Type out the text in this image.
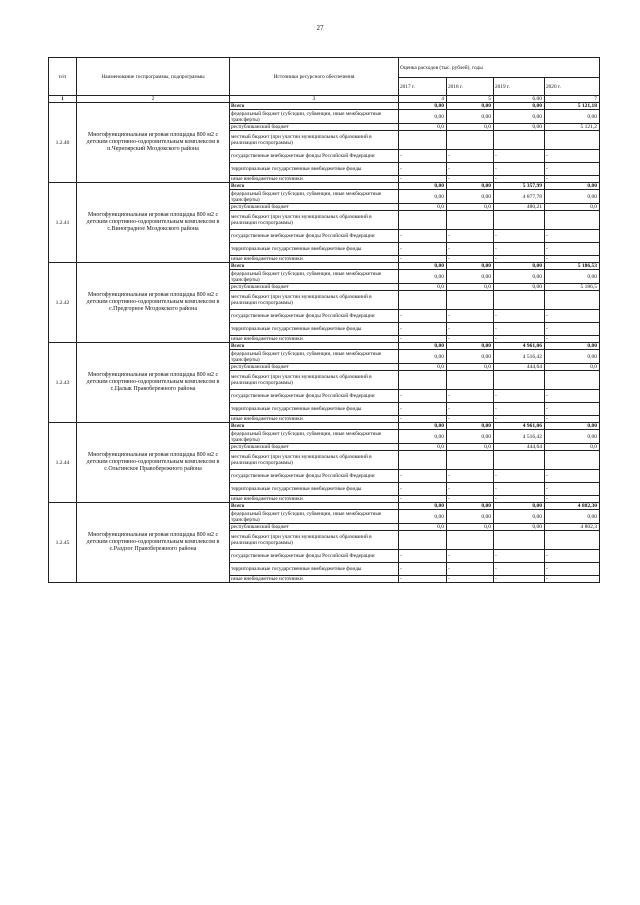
27
п/п	Наименование госпрограммы, подпрограммы	Источники ресурсного обеспечения	Оценка расходов (тыс. рублей), годы			
			2017 г.	2018 г.	2019 г.	2020 г.
1	2	3	4	5	6.00	7
1.2.40	Многофункциональная игровая площадка 800 м2 с детским спортивно-оздоровительным комплексом в п.Черноярский Моздокского района	Всего	0,00	0,00	0,00	5 121,18
		федеральный бюджет (субсидии, субвенции, иные межбюджетные трансферты)	0,00	0,00	0,00	0,00
		республиканский бюджет	0,0	0,0	0,00	5 121,2
		местный бюджет (при участии муниципальных образований в реализации госпрограммы)				
		государственные внебюджетные фонды Российской Федерации	-	-	-	-
		территориальные государственные внебюджетные фонды	-	-	-	-
		иные внебюджетные источники	-	-	-	-
1.2.41	Многофункциональная игровая площадка 800 м2 с детским спортивно-оздоровительным комплексом в с.Виноградное Моздокского района	Всего	0,00	0,00	5 357,99	0,00
		федеральный бюджет (субсидии, субвенции, иные межбюджетные трансферты)	0,00	0,00	4 877,78	0,00
		республиканский бюджет	0,0	0,0	480,21	0,0
		местный бюджет (при участии муниципальных образований в реализации госпрограммы)				
		государственные внебюджетные фонды Российской Федерации	-	-	-	-
		территориальные государственные внебюджетные фонды	-	-	-	-
		иные внебюджетные источники	-	-	-	-
1.2.42	Многофункциональная игровая площадка 800 м2 с детским спортивно-оздоровительным комплексом в с.Предгорное Моздокского района	Всего	0,00	0,00	0,00	5 186,53
		федеральный бюджет (субсидии, субвенции, иные межбюджетные трансферты)	0,00	0,00	0,00	0,00
		республиканский бюджет	0,0	0,0	0,00	5 186,5
		местный бюджет (при участии муниципальных образований в реализации госпрограммы)				
		государственные внебюджетные фонды Российской Федерации	-	-	-	-
		территориальные государственные внебюджетные фонды	-	-	-	-
		иные внебюджетные источники	-	-	-	-
1.2.43	Многофункциональная игровая площадка 800 м2 с детским спортивно-оздоровительным комплексом в с.Цалык Правобережного района	Всего	0,00	0,00	4 961,06	0,00
		федеральный бюджет (субсидии, субвенции, иные межбюджетные трансферты)	0,00	0,00	4 516,42	0,00
		республиканский бюджет	0,0	0,0	444,64	0,0
		местный бюджет (при участии муниципальных образований в реализации госпрограммы)				
		государственные внебюджетные фонды Российской Федерации	-	-	-	-
		территориальные государственные внебюджетные фонды	-	-	-	-
		иные внебюджетные источники	-	-	-	-
1.2.44	Многофункциональная игровая площадка 800 м2 с детским спортивно-оздоровительным комплексом в с.Ольгинское Правобережного района	Всего	0,00	0,00	4 961,06	0,00
		федеральный бюджет (субсидии, субвенции, иные межбюджетные трансферты)	0,00	0,00	4 516,42	0,00
		республиканский бюджет	0,0	0,0	444,64	0,0
		местный бюджет (при участии муниципальных образований в реализации госпрограммы)				
		государственные внебюджетные фонды Российской Федерации	-	-	-	-
		территориальные государственные внебюджетные фонды	-	-	-	-
		иные внебюджетные источники	-	-	-	-
1.2.45	Многофункциональная игровая площадка 800 м2 с детским спортивно-оздоровительным комплексом в с.Раздзог Правобережного района	Всего	0,00	0,00	0,00	4 802,30
		федеральный бюджет (субсидии, субвенции, иные межбюджетные трансферты)	0,00	0,00	0,00	0,00
		республиканский бюджет	0,0	0,0	0,00	4 802,3
		местный бюджет (при участии муниципальных образований в реализации госпрограммы)				
		государственные внебюджетные фонды Российской Федерации	-	-	-	-
		территориальные государственные внебюджетные фонды	-	-	-	-
		иные внебюджетные источники	-	-	-	-
